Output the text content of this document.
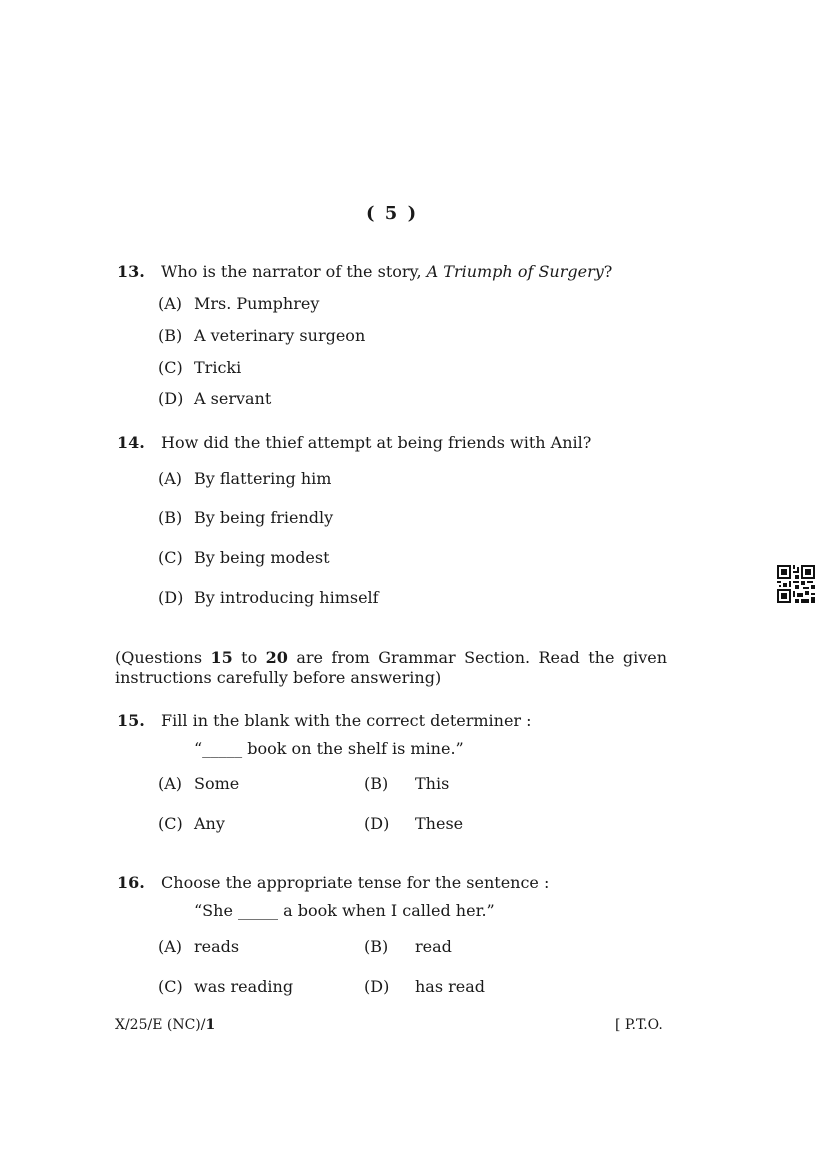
( 5 )
13. Who is the narrator of the story, A Triumph of Surgery?
(A) Mrs. Pumphrey
(B) A veterinary surgeon
(C) Tricki
(D) A servant
14. How did the thief attempt at being friends with Anil?
(A) By flattering him
(B) By being friendly
(C) By being modest
(D) By introducing himself
(Questions 15 to 20 are from Grammar Section. Read the given instructions carefully before answering)
15. Fill in the blank with the correct determiner :
“_____ book on the shelf is mine.”
(A) Some	(B) This
(C) Any	(D) These
16. Choose the appropriate tense for the sentence :
“She _____ a book when I called her.”
(A) reads	(B) read
(C) was reading	(D) has read
X/25/E (NC)/1	[ P.T.O.
